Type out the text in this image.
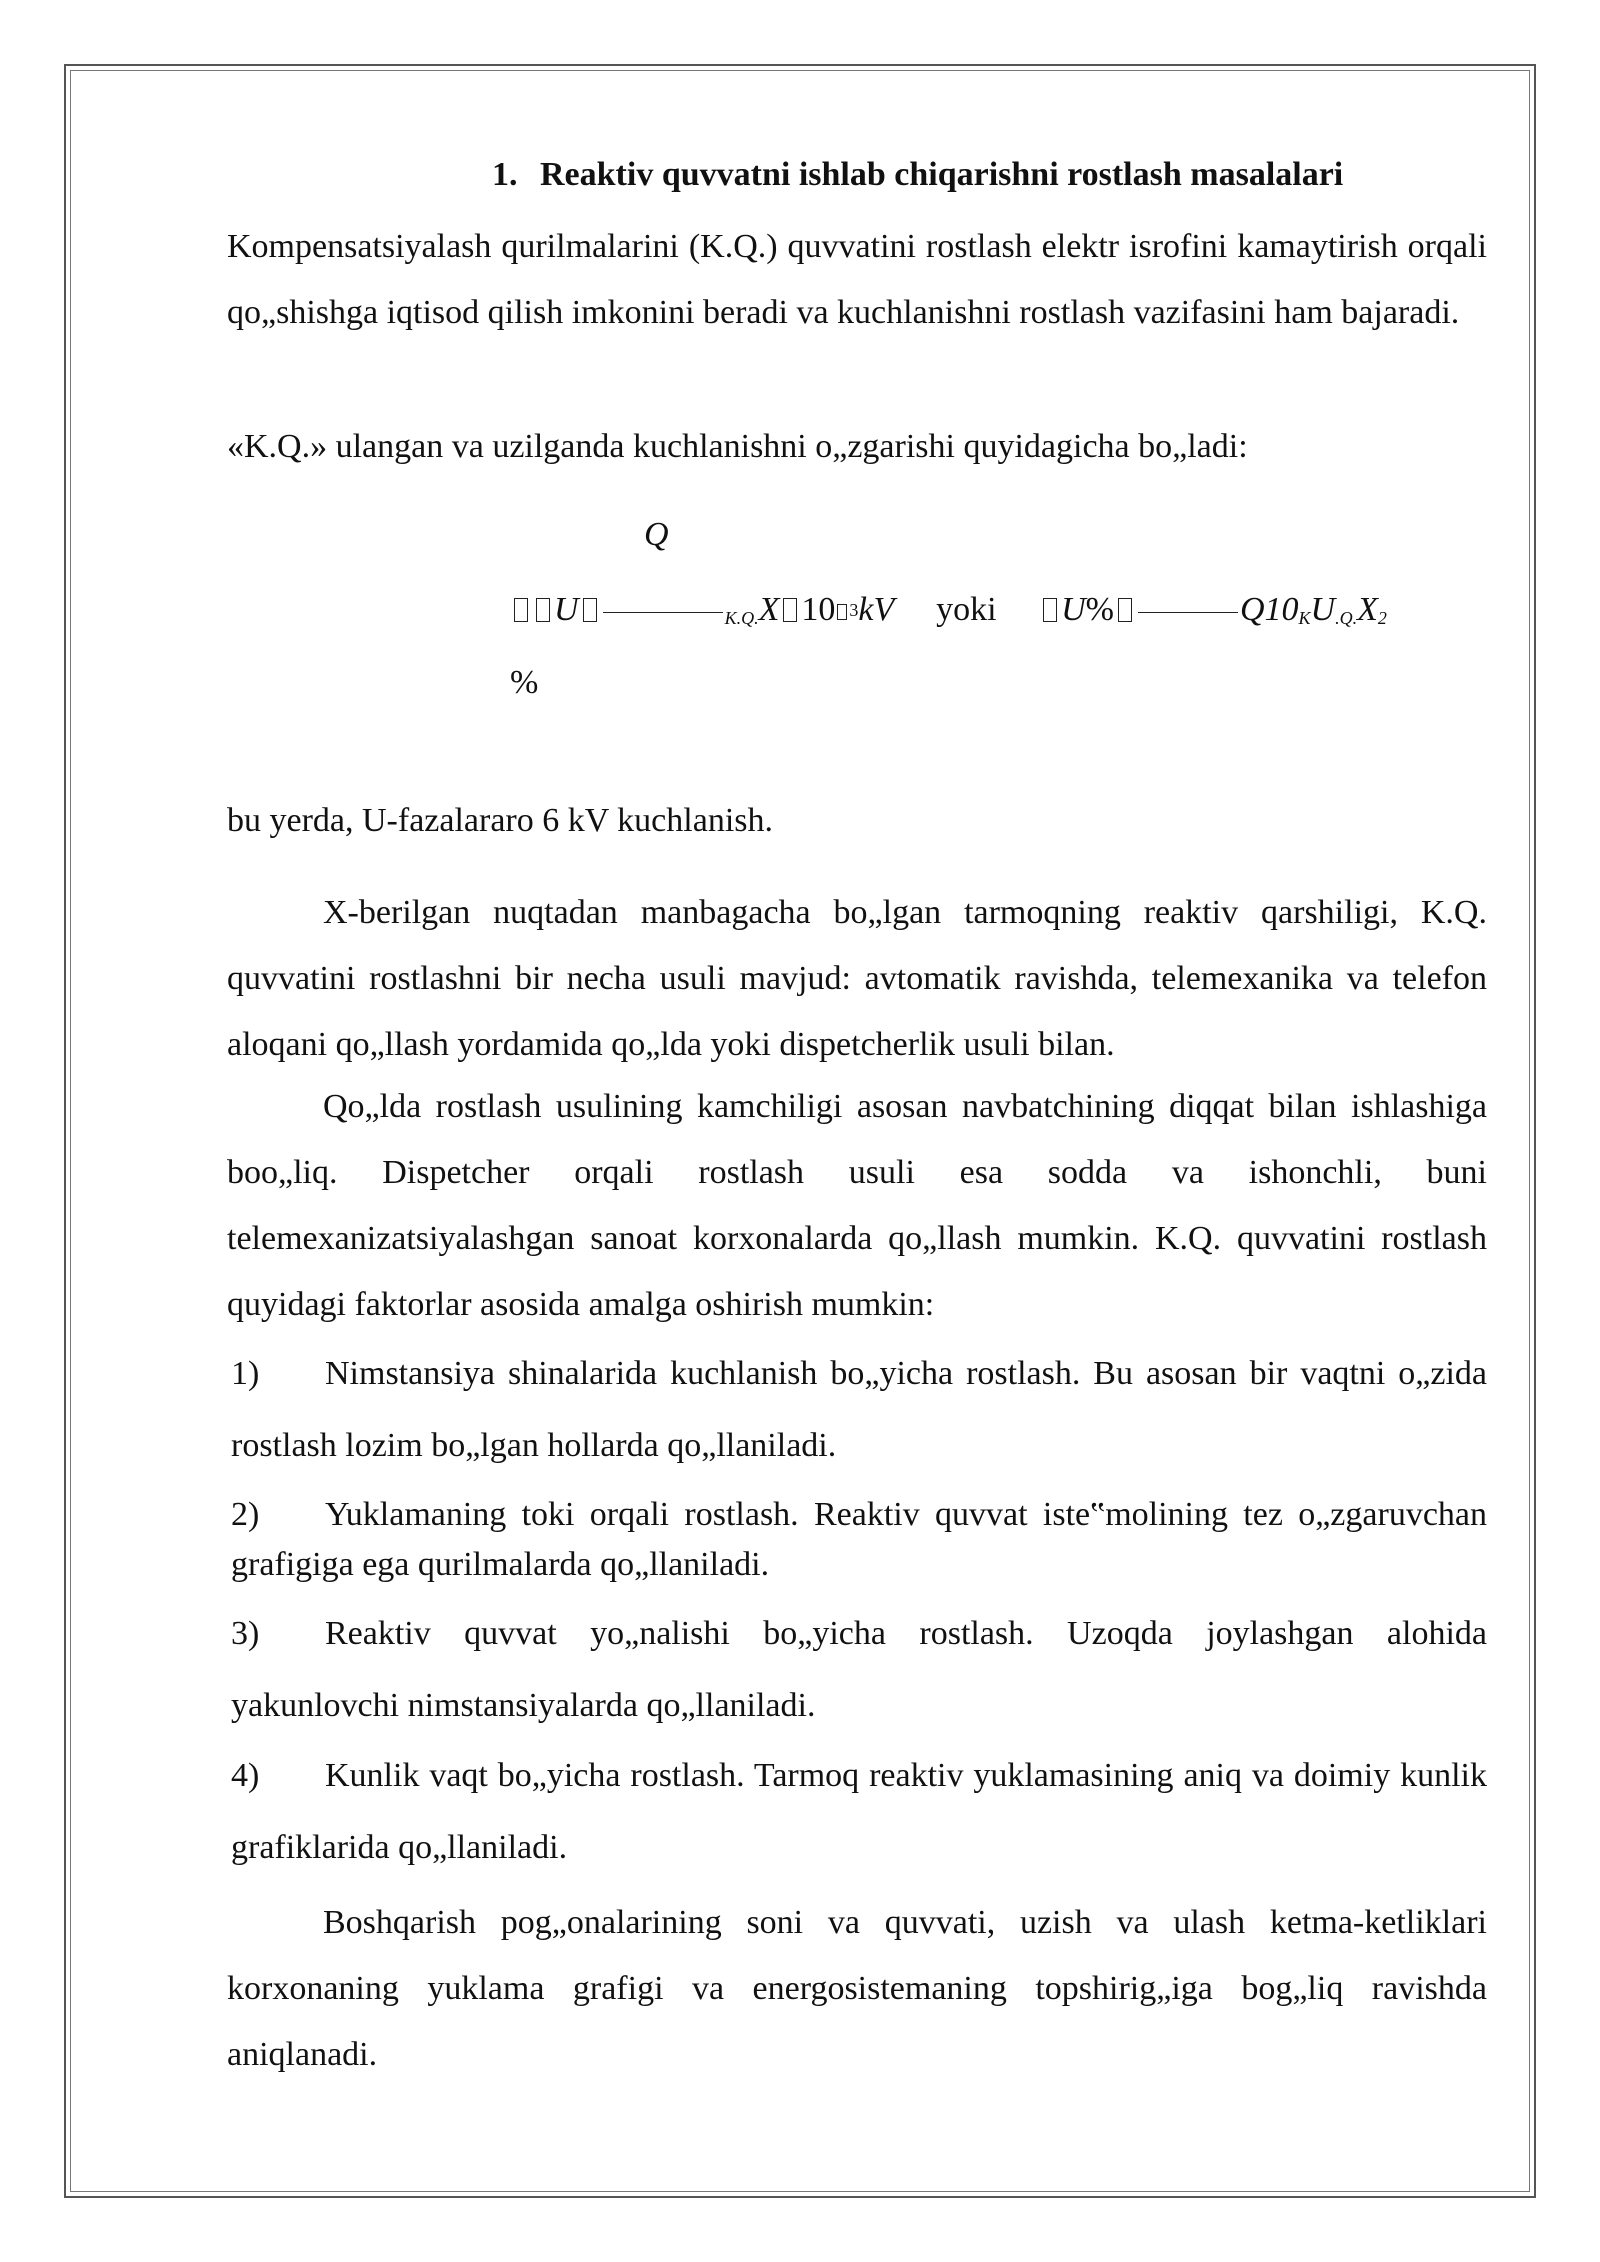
1. Reaktiv quvvatni ishlab chiqarishni rostlash masalalari
Kompensatsiyalash qurilmalarini (K.Q.) quvvatini rostlash elektr isrofini kamaytirish orqali qo„shishga iqtisod qilish imkonini beradi va kuchlanishni rostlash vazifasini ham bajaradi.
«K.Q.» ulangan va uzilganda kuchlanishni o„zgarishi quyidagicha bo„ladi:
Q
U	K.Q.X 10 3kV yoki U%	Q10KU.Q.X2
%
bu yerda, U-fazalararo 6 kV kuchlanish.
X-berilgan nuqtadan manbagacha bo„lgan tarmoqning reaktiv qarshiligi, K.Q. quvvatini rostlashni bir necha usuli mavjud: avtomatik ravishda, telemexanika va telefon aloqani qo„llash yordamida qo„lda yoki dispetcherlik usuli bilan.
Qo„lda rostlash usulining kamchiligi asosan navbatchining diqqat bilan ishlashiga boo„liq. Dispetcher orqali rostlash usuli esa sodda va ishonchli, buni telemexanizatsiyalashgan sanoat korxonalarda qo„llash mumkin. K.Q. quvvatini rostlash quyidagi faktorlar asosida amalga oshirish mumkin:
1)	Nimstansiya shinalarida kuchlanish bo„yicha rostlash. Bu asosan bir vaqtni o„zida rostlash lozim bo„lgan hollarda qo„llaniladi.
2)	Yuklamaning toki orqali rostlash. Reaktiv quvvat iste‟molining tez o„zgaruvchan grafigiga ega qurilmalarda qo„llaniladi.
3)	Reaktiv quvvat yo„nalishi bo„yicha rostlash. Uzoqda joylashgan alohida yakunlovchi nimstansiyalarda qo„llaniladi.
4)	Kunlik vaqt bo„yicha rostlash. Tarmoq reaktiv yuklamasining aniq va doimiy kunlik grafiklarida qo„llaniladi.
Boshqarish pog„onalarining soni va quvvati, uzish va ulash ketma-ketliklari korxonaning yuklama grafigi va energosistemaning topshirig„iga bog„liq ravishda aniqlanadi.
